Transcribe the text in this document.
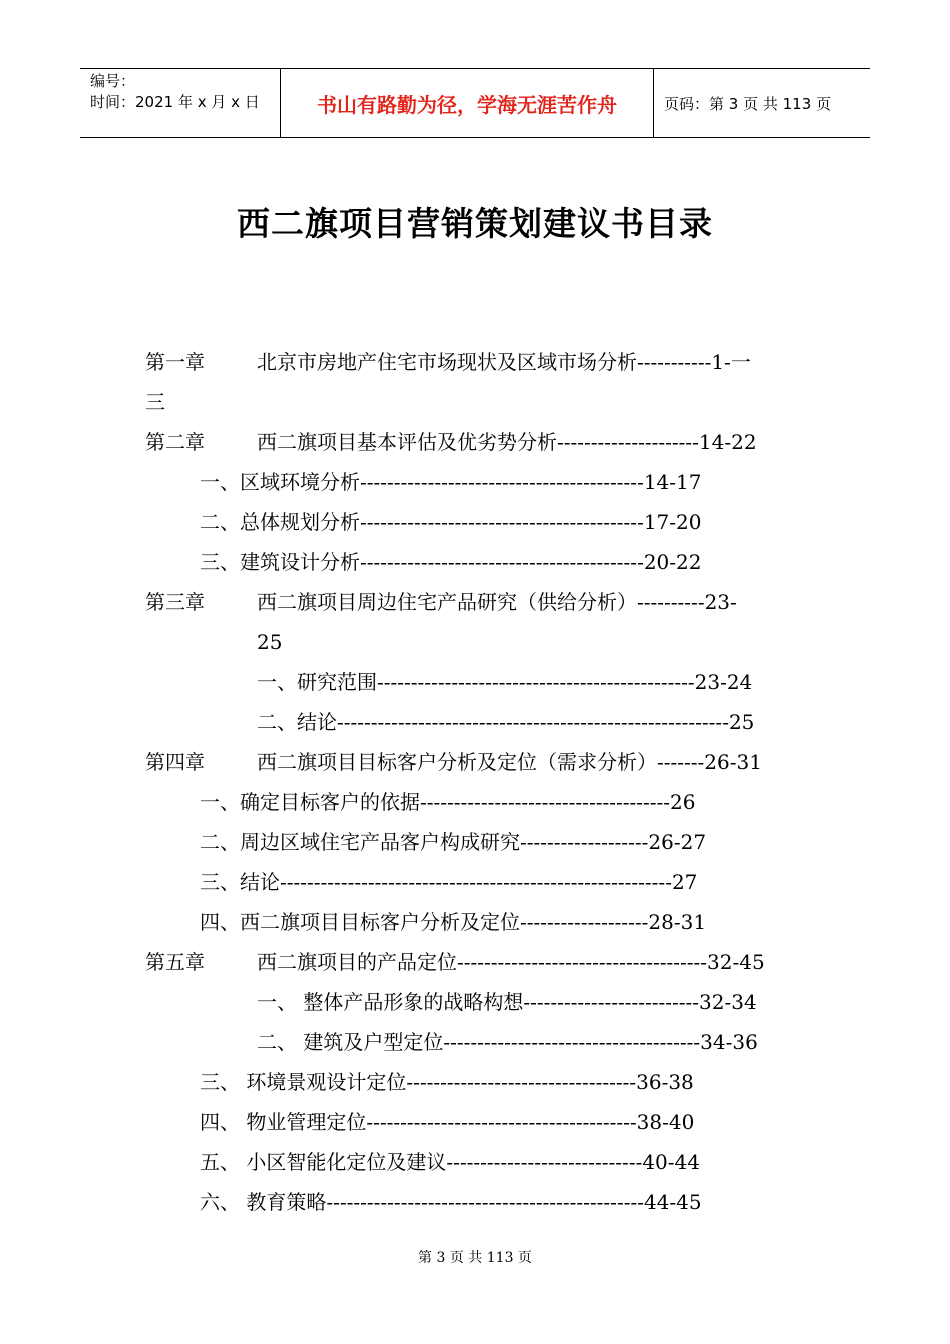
编号：
时间：2021 年 x 月 x 日	书山有路勤为径，学海无涯苦作舟	页码：第 3 页 共 113 页
西二旗项目营销策划建议书目录
第一章	北京市房地产住宅市场现状及区域市场分析-----------1-一
三
第二章	西二旗项目基本评估及优劣势分析---------------------14-22
一、区域环境分析------------------------------------------14-17
二、总体规划分析------------------------------------------17-20
三、建筑设计分析------------------------------------------20-22
第三章	西二旗项目周边住宅产品研究（供给分析）----------23-
25
一、研究范围-----------------------------------------------23-24
二、结论----------------------------------------------------------25
第四章	西二旗项目目标客户分析及定位（需求分析）-------26-31
一、确定目标客户的依据-------------------------------------26
二、周边区域住宅产品客户构成研究-------------------26-27
三、结论----------------------------------------------------------27
四、西二旗项目目标客户分析及定位-------------------28-31
第五章	西二旗项目的产品定位-------------------------------------32-45
一、 整体产品形象的战略构想--------------------------32-34
二、 建筑及户型定位--------------------------------------34-36
三、 环境景观设计定位----------------------------------36-38
四、 物业管理定位----------------------------------------38-40
五、 小区智能化定位及建议-----------------------------40-44
六、 教育策略-----------------------------------------------44-45
第 3 页 共 113 页
